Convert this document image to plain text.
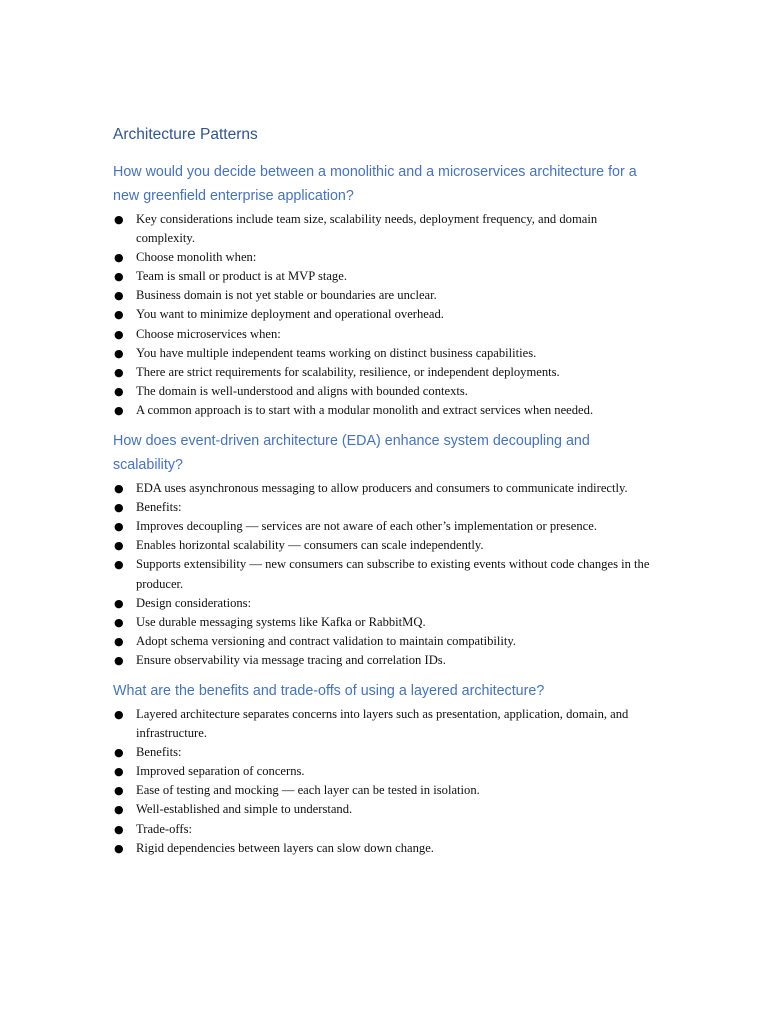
Architecture Patterns
How would you decide between a monolithic and a microservices architecture for a new greenfield enterprise application?
● Key considerations include team size, scalability needs, deployment frequency, and domain complexity.
● Choose monolith when:
● Team is small or product is at MVP stage.
● Business domain is not yet stable or boundaries are unclear.
● You want to minimize deployment and operational overhead.
● Choose microservices when:
● You have multiple independent teams working on distinct business capabilities.
● There are strict requirements for scalability, resilience, or independent deployments.
● The domain is well-understood and aligns with bounded contexts.
● A common approach is to start with a modular monolith and extract services when needed.
How does event-driven architecture (EDA) enhance system decoupling and scalability?
● EDA uses asynchronous messaging to allow producers and consumers to communicate indirectly.
● Benefits:
● Improves decoupling — services are not aware of each other’s implementation or presence.
● Enables horizontal scalability — consumers can scale independently.
● Supports extensibility — new consumers can subscribe to existing events without code changes in the producer.
● Design considerations:
● Use durable messaging systems like Kafka or RabbitMQ.
● Adopt schema versioning and contract validation to maintain compatibility.
● Ensure observability via message tracing and correlation IDs.
What are the benefits and trade-offs of using a layered architecture?
● Layered architecture separates concerns into layers such as presentation, application, domain, and infrastructure.
● Benefits:
● Improved separation of concerns.
● Ease of testing and mocking — each layer can be tested in isolation.
● Well-established and simple to understand.
● Trade-offs:
● Rigid dependencies between layers can slow down change.
